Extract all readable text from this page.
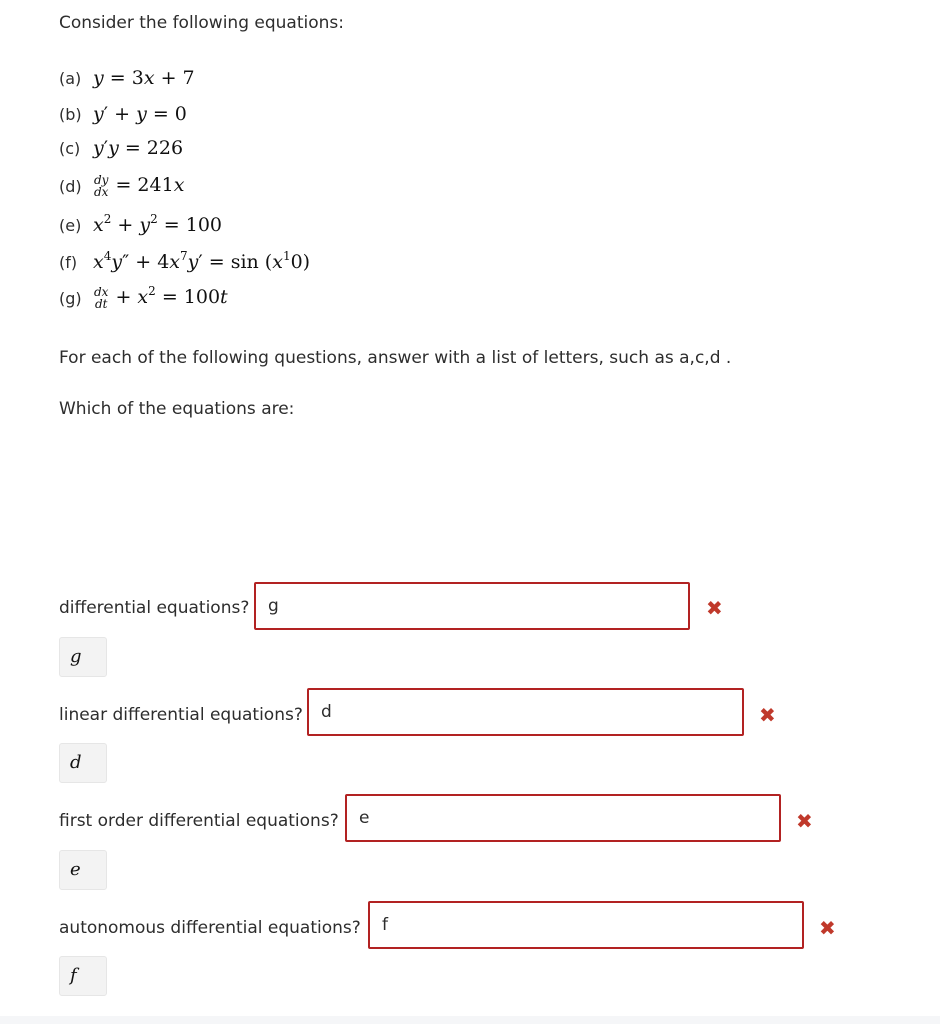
Consider the following equations:
(a) y = 3x + 7
(b) y′ + y = 0
(c) y′y = 226
(d)	dy
dx = 241x
(e) $x^2 + y^2 = 100$
(f) $x^4y'' + 4x^7y' = \sin (x^10)$
(g)	dx
dt + $x^2 = 100t$
For each of the following questions, answer with a list of letters, such as a,c,d .
Which of the equations are:
differential equations?
g	✖
g
linear differential equations?
d	✖
d
first order differential equations?
e	✖
e
autonomous differential equations?
f	✖
f
